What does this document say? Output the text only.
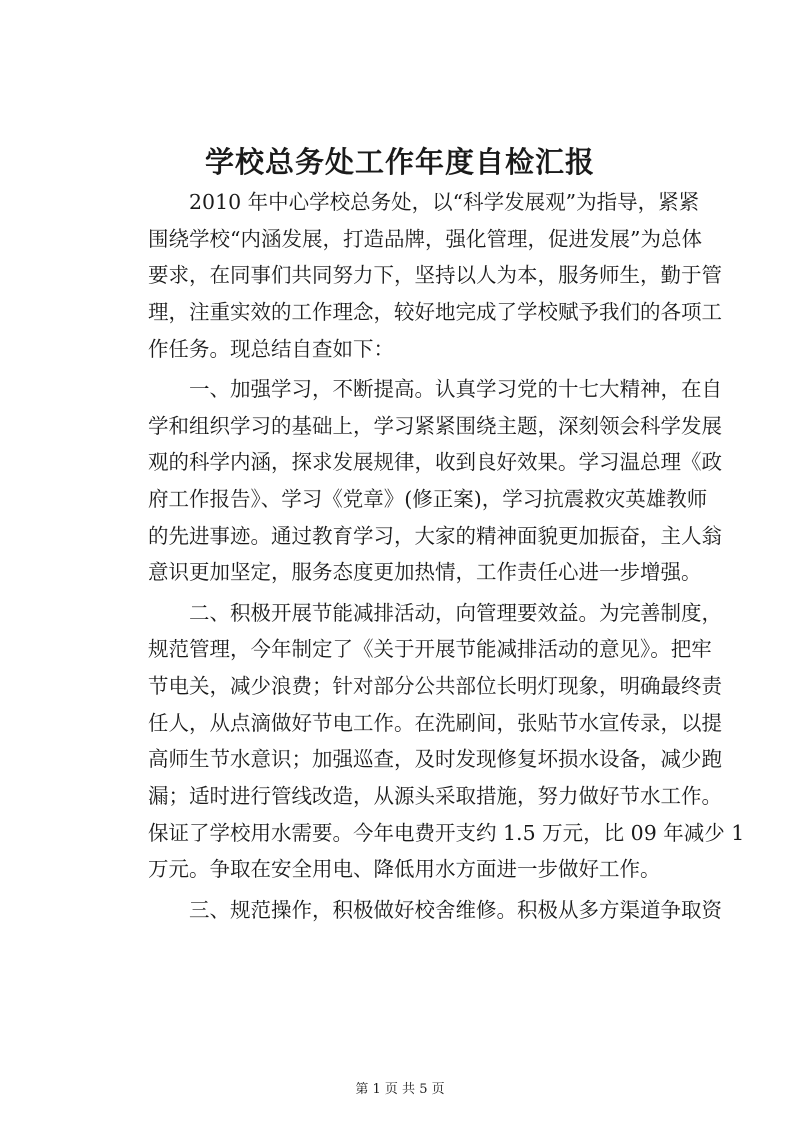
学校总务处工作年度自检汇报
2010 年中心学校总务处，以“科学发展观”为指导，紧紧
围绕学校“内涵发展，打造品牌，强化管理，促进发展”为总体
要求，在同事们共同努力下，坚持以人为本，服务师生，勤于管
理，注重实效的工作理念，较好地完成了学校赋予我们的各项工
作任务。现总结自查如下：
一、加强学习，不断提高。认真学习党的十七大精神，在自
学和组织学习的基础上，学习紧紧围绕主题，深刻领会科学发展
观的科学内涵，探求发展规律，收到良好效果。学习温总理《政
府工作报告》、学习《党章》(修正案)，学习抗震救灾英雄教师
的先进事迹。通过教育学习，大家的精神面貌更加振奋，主人翁
意识更加坚定，服务态度更加热情，工作责任心进一步增强。
二、积极开展节能减排活动，向管理要效益。为完善制度，
规范管理，今年制定了《关于开展节能减排活动的意见》。把牢
节电关，减少浪费；针对部分公共部位长明灯现象，明确最终责
任人，从点滴做好节电工作。在洗刷间，张贴节水宣传录，以提
高师生节水意识；加强巡查，及时发现修复坏损水设备，减少跑
漏；适时进行管线改造，从源头采取措施，努力做好节水工作。
保证了学校用水需要。今年电费开支约 1.5 万元，比 09 年减少 1
万元。争取在安全用电、降低用水方面进一步做好工作。
三、规范操作，积极做好校舍维修。积极从多方渠道争取资
第 1 页 共 5 页
